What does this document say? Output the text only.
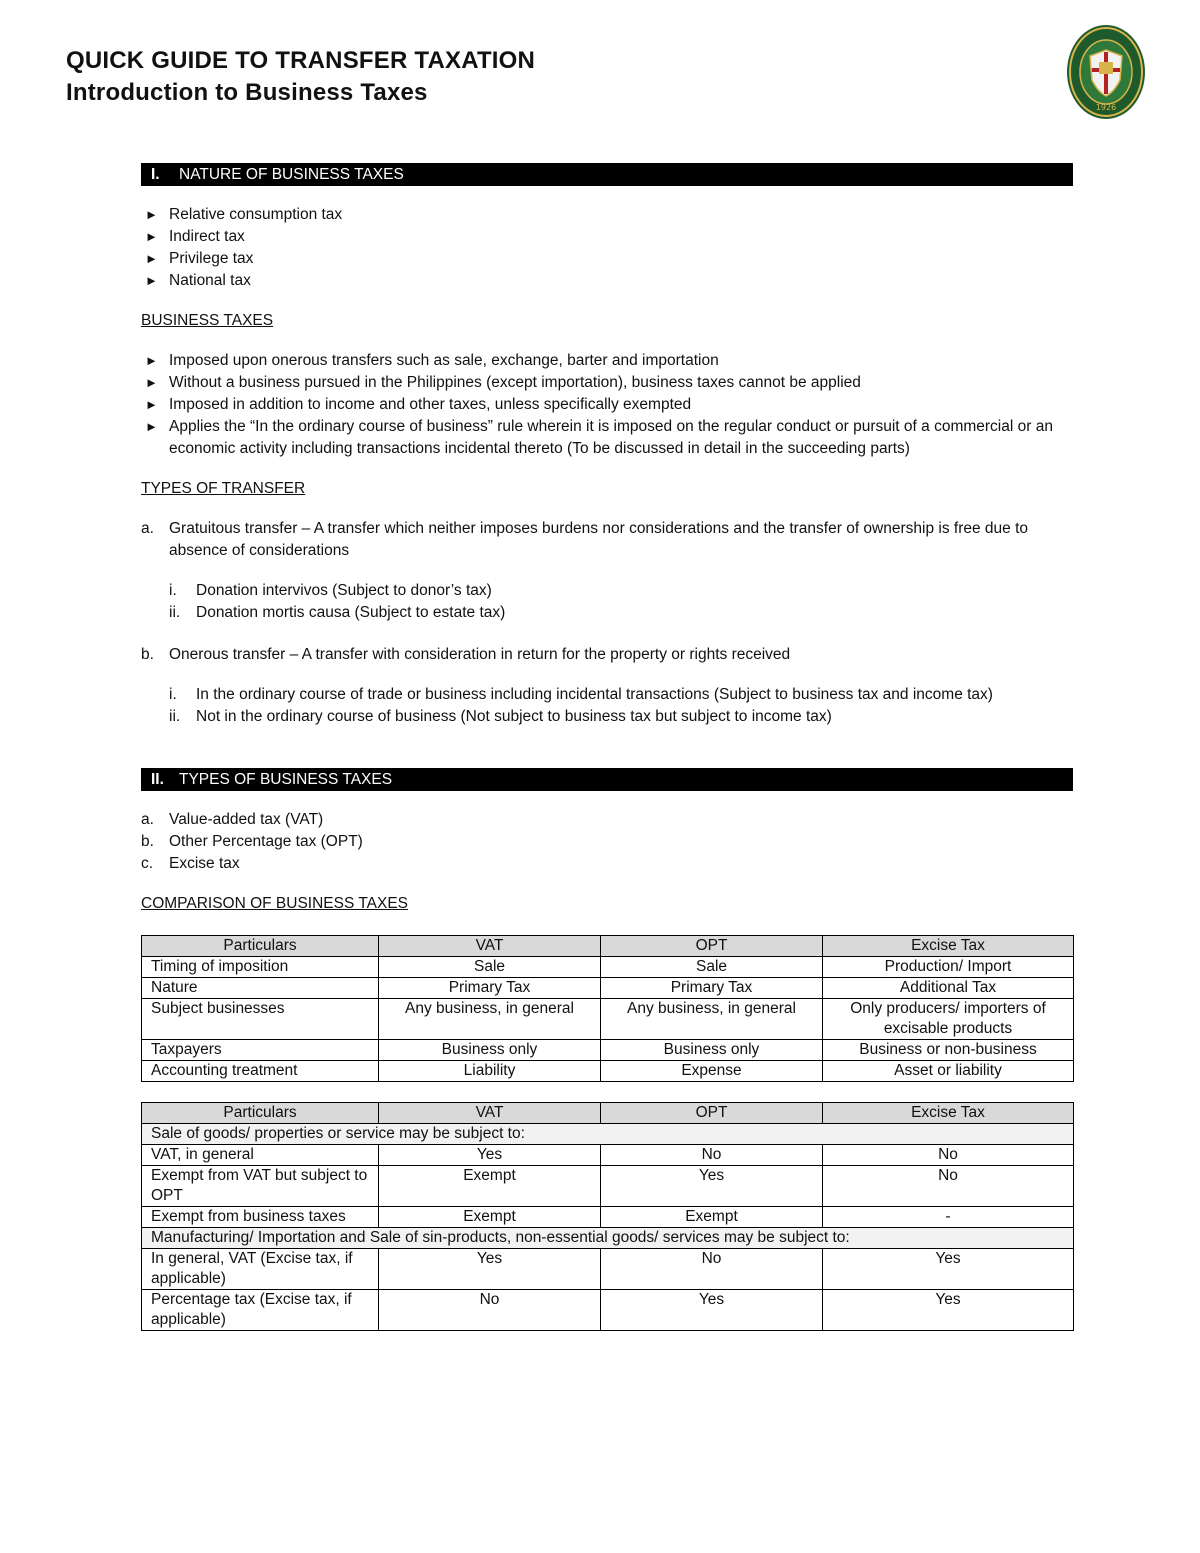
QUICK GUIDE TO TRANSFER TAXATION
Introduction to Business Taxes
1926
I. NATURE OF BUSINESS TAXES
► Relative consumption tax
► Indirect tax
► Privilege tax
► National tax
BUSINESS TAXES
► Imposed upon onerous transfers such as sale, exchange, barter and importation
► Without a business pursued in the Philippines (except importation), business taxes cannot be applied
► Imposed in addition to income and other taxes, unless specifically exempted
► Applies the “In the ordinary course of business” rule wherein it is imposed on the regular conduct or pursuit of a commercial or an economic activity including transactions incidental thereto (To be discussed in detail in the succeeding parts)
TYPES OF TRANSFER
a. Gratuitous transfer – A transfer which neither imposes burdens nor considerations and the transfer of ownership is free due to absence of considerations
i. Donation intervivos (Subject to donor’s tax)
ii. Donation mortis causa (Subject to estate tax)
b. Onerous transfer – A transfer with consideration in return for the property or rights received
i. In the ordinary course of trade or business including incidental transactions (Subject to business tax and income tax)
ii. Not in the ordinary course of business (Not subject to business tax but subject to income tax)
II. TYPES OF BUSINESS TAXES
a. Value-added tax (VAT)
b. Other Percentage tax (OPT)
c. Excise tax
COMPARISON OF BUSINESS TAXES
Particulars	VAT	OPT	Excise Tax
Timing of imposition	Sale	Sale	Production/ Import
Nature	Primary Tax	Primary Tax	Additional Tax
Subject businesses	Any business, in general	Any business, in general	Only producers/ importers of excisable products
Taxpayers	Business only	Business only	Business or non-business
Accounting treatment	Liability	Expense	Asset or liability
Particulars	VAT	OPT	Excise Tax
Sale of goods/ properties or service may be subject to:			
VAT, in general	Yes	No	No
Exempt from VAT but subject to OPT	Exempt	Yes	No
Exempt from business taxes	Exempt	Exempt	-
Manufacturing/ Importation and Sale of sin-products, non-essential goods/ services may be subject to:			
In general, VAT (Excise tax, if applicable)	Yes	No	Yes
Percentage tax (Excise tax, if applicable)	No	Yes	Yes
